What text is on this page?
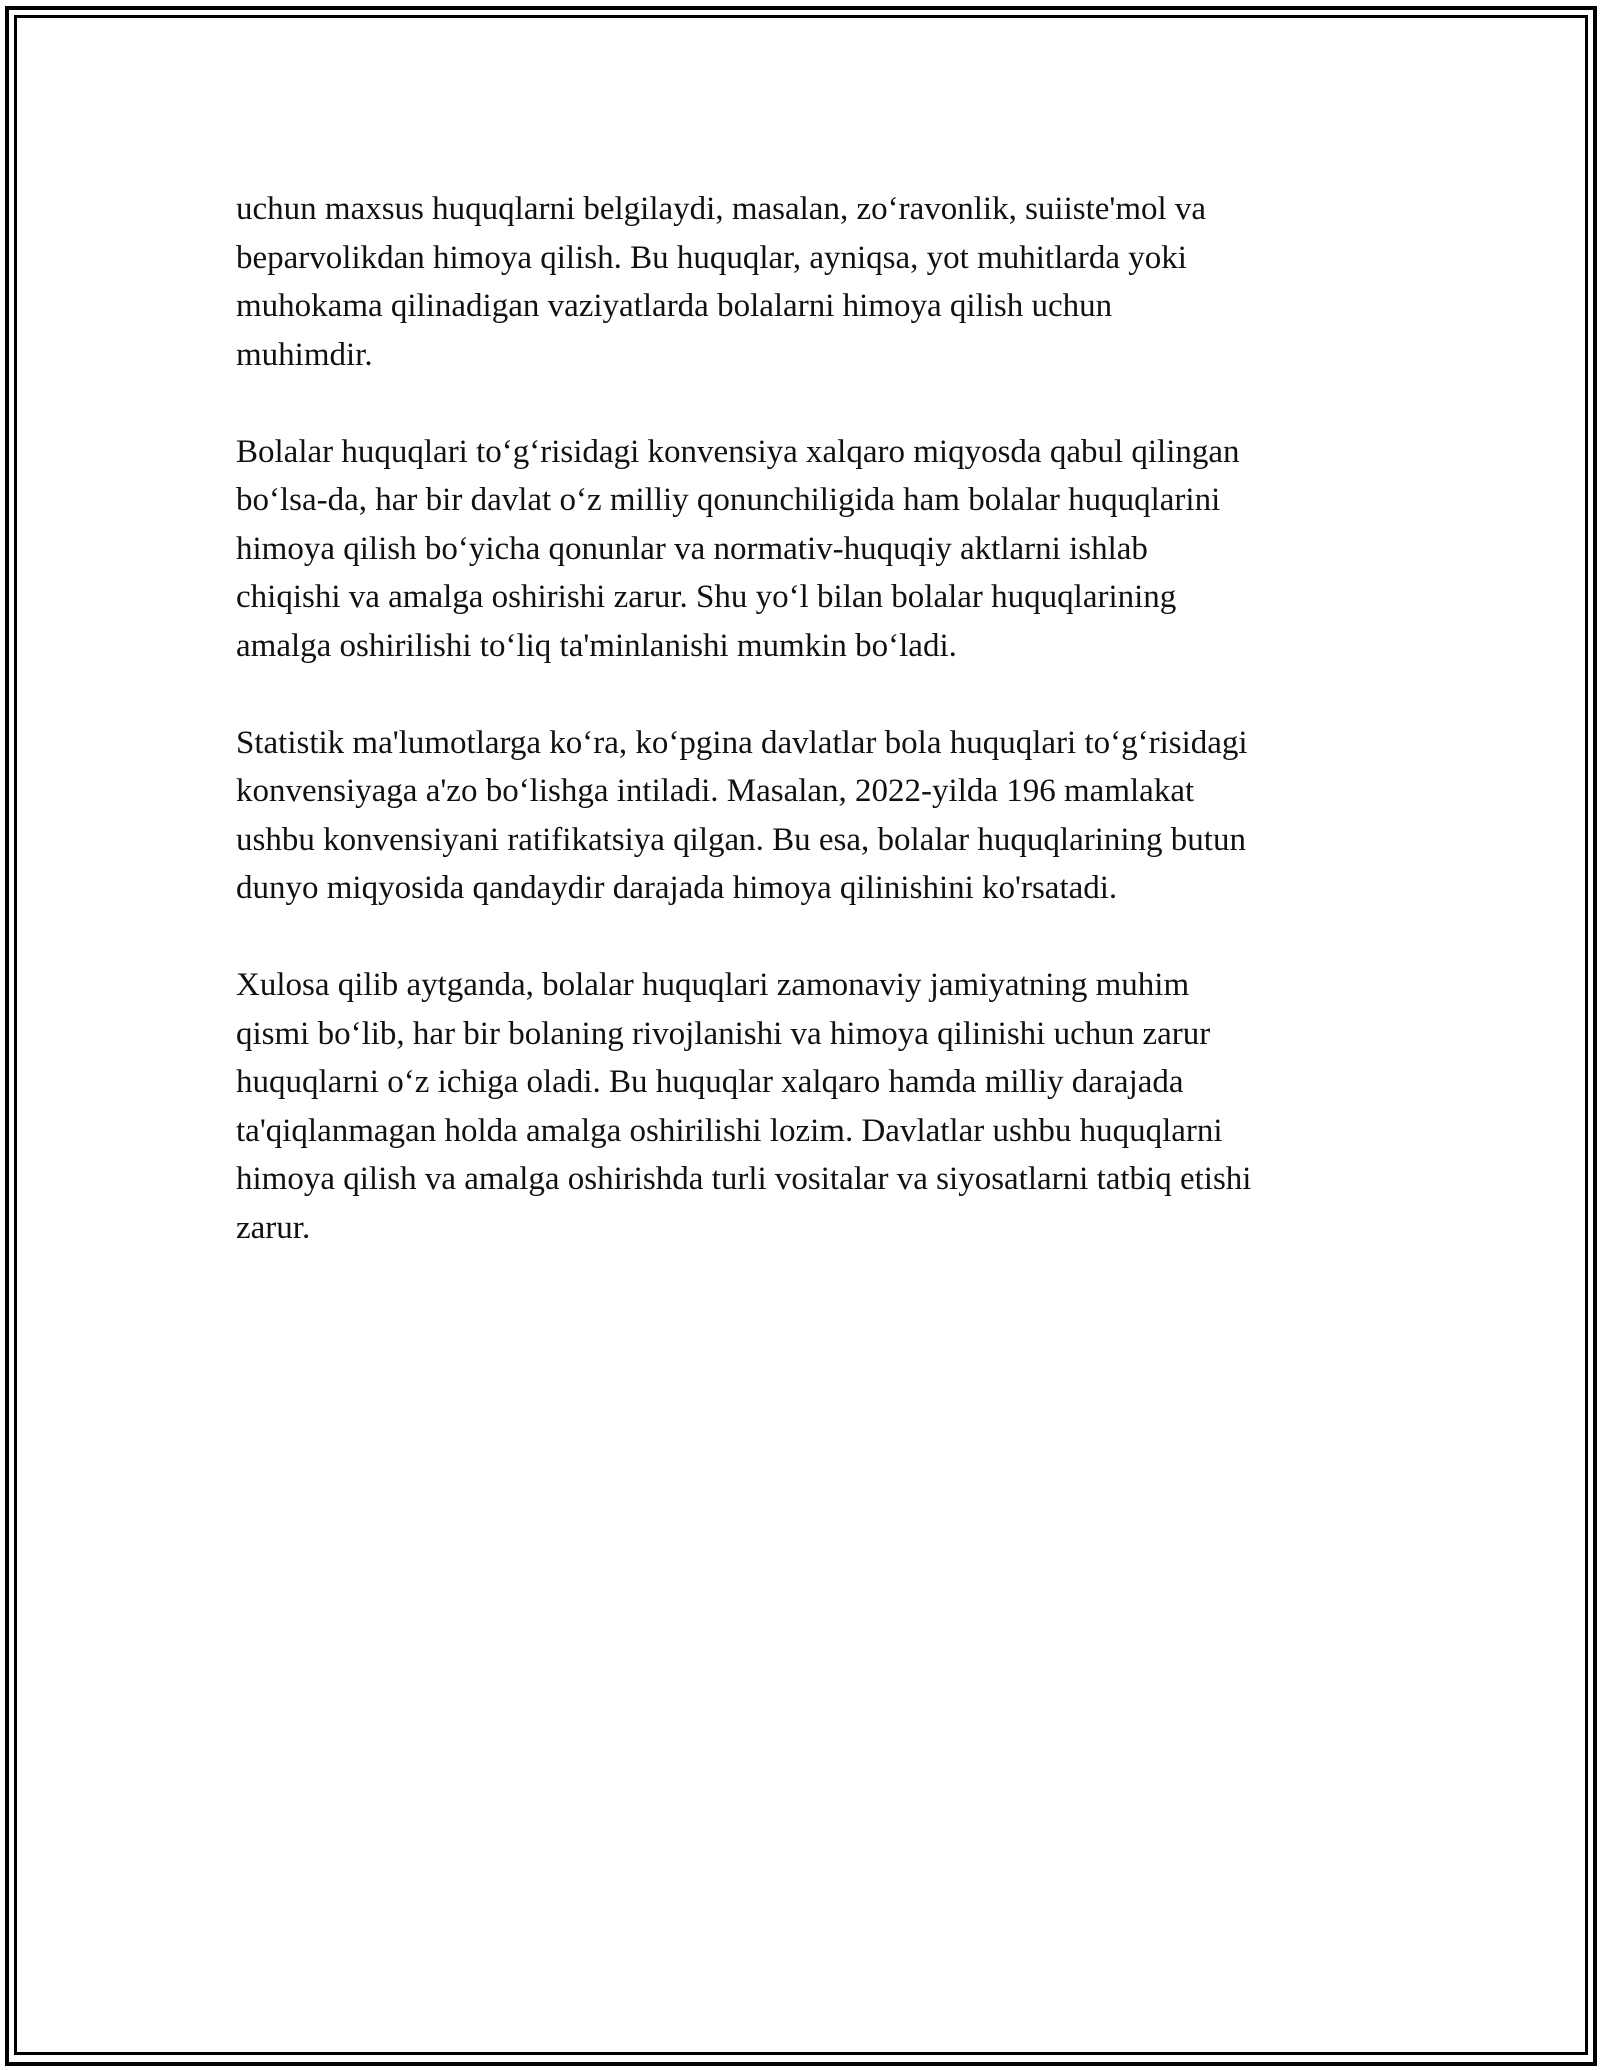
uchun maxsus huquqlarni belgilaydi, masalan, zo‘ravonlik, suiiste'mol va
beparvolikdan himoya qilish. Bu huquqlar, ayniqsa, yot muhitlarda yoki
muhokama qilinadigan vaziyatlarda bolalarni himoya qilish uchun
muhimdir.

Bolalar huquqlari to‘g‘risidagi konvensiya xalqaro miqyosda qabul qilingan
bo‘lsa-da, har bir davlat o‘z milliy qonunchiligida ham bolalar huquqlarini
himoya qilish bo‘yicha qonunlar va normativ-huquqiy aktlarni ishlab
chiqishi va amalga oshirishi zarur. Shu yo‘l bilan bolalar huquqlarining
amalga oshirilishi to‘liq ta'minlanishi mumkin bo‘ladi.

Statistik ma'lumotlarga ko‘ra, ko‘pgina davlatlar bola huquqlari to‘g‘risidagi
konvensiyaga a'zo bo‘lishga intiladi. Masalan, 2022-yilda 196 mamlakat
ushbu konvensiyani ratifikatsiya qilgan. Bu esa, bolalar huquqlarining butun
dunyo miqyosida qandaydir darajada himoya qilinishini ko'rsatadi.

Xulosa qilib aytganda, bolalar huquqlari zamonaviy jamiyatning muhim
qismi bo‘lib, har bir bolaning rivojlanishi va himoya qilinishi uchun zarur
huquqlarni o‘z ichiga oladi. Bu huquqlar xalqaro hamda milliy darajada
ta'qiqlanmagan holda amalga oshirilishi lozim. Davlatlar ushbu huquqlarni
himoya qilish va amalga oshirishda turli vositalar va siyosatlarni tatbiq etishi
zarur.
